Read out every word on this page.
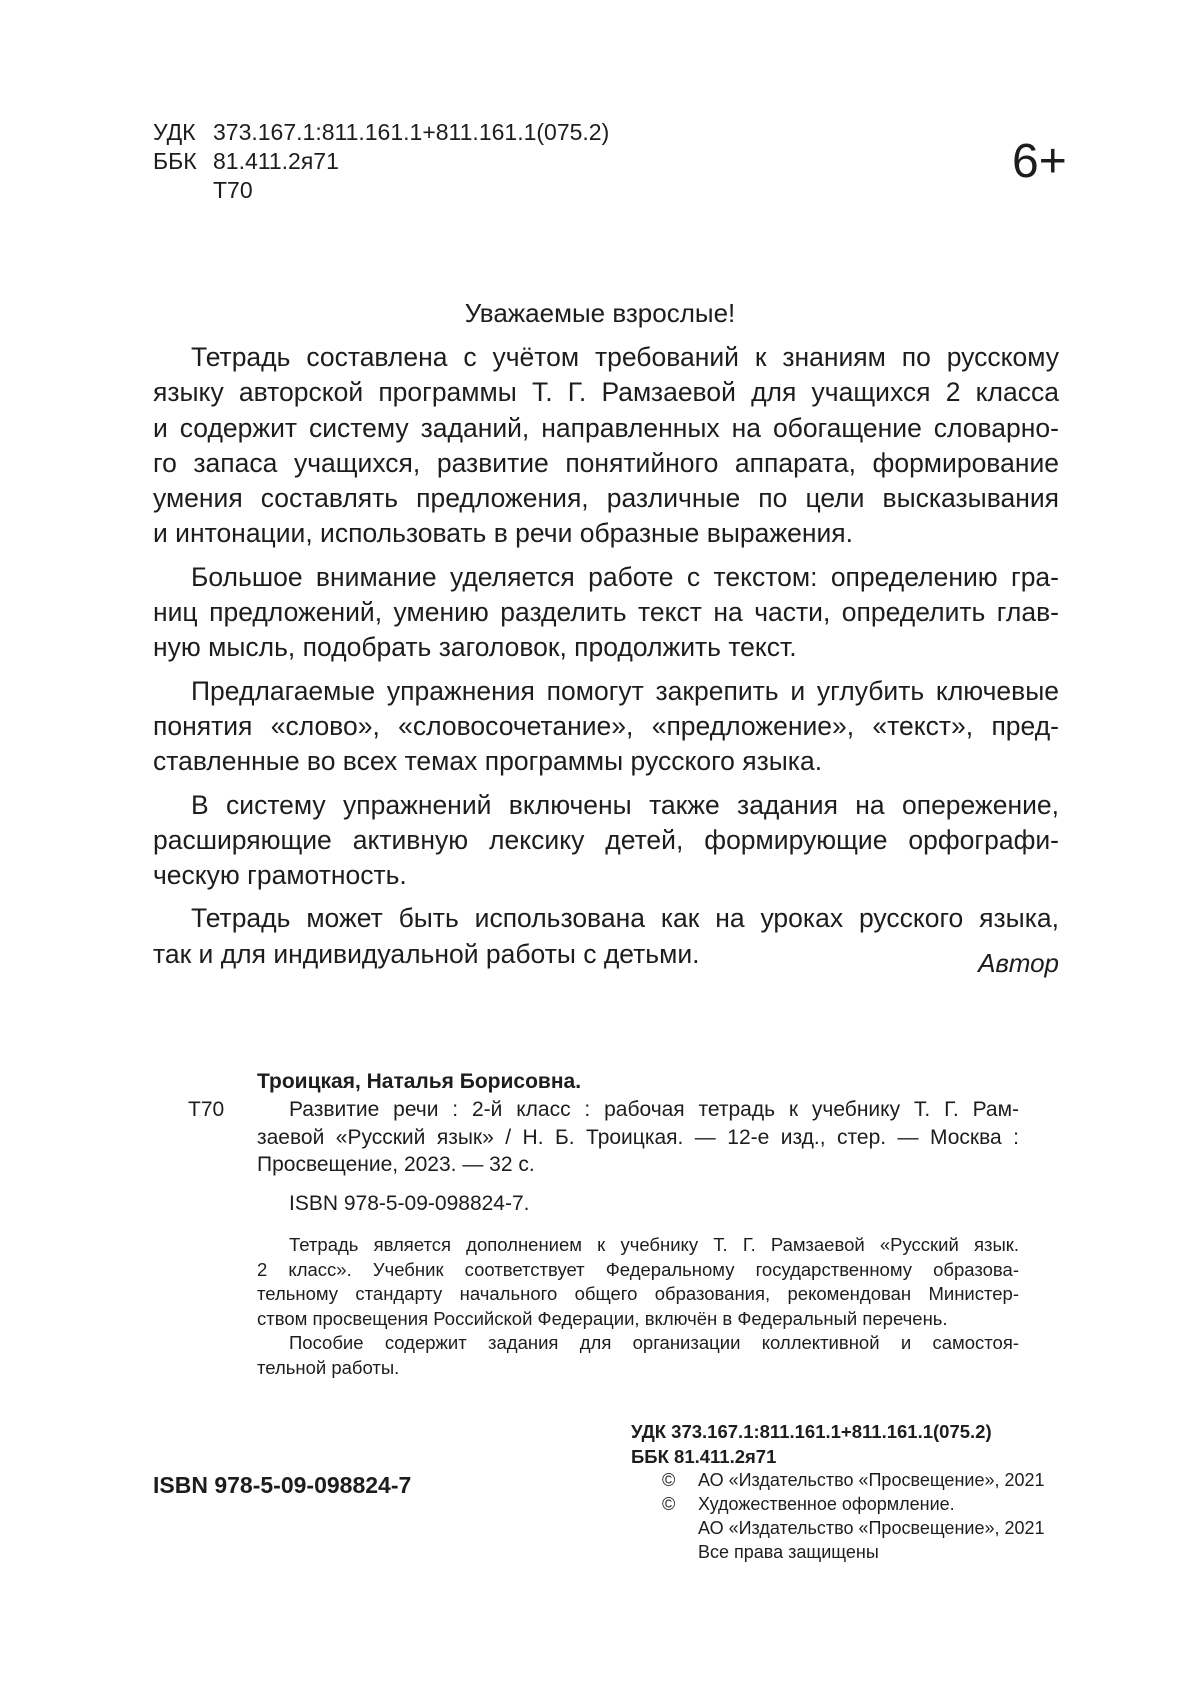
УДК 373.167.1:811.161.1+811.161.1(075.2)
ББК 81.411.2я71
Т70
6+
Уважаемые взрослые!
Тетрадь составлена с учётом требований к знаниям по русскому
языку авторской программы Т. Г. Рамзаевой для учащихся 2 класса
и содержит систему заданий, направленных на обогащение словарно-
го запаса учащихся, развитие понятийного аппарата, формирование
умения составлять предложения, различные по цели высказывания
и интонации, использовать в речи образные выражения.
Большое внимание уделяется работе с текстом: определению гра-
ниц предложений, умению разделить текст на части, определить глав-
ную мысль, подобрать заголовок, продолжить текст.
Предлагаемые упражнения помогут закрепить и углубить ключевые
понятия «слово», «словосочетание», «предложение», «текст», пред-
ставленные во всех темах программы русского языка.
В систему упражнений включены также задания на опережение,
расширяющие активную лексику детей, формирующие орфографи-
ческую грамотность.
Тетрадь может быть использована как на уроках русского языка,
так и для индивидуальной работы с детьми.	Автор
Троицкая, Наталья Борисовна.
Т70	Развитие речи : 2-й класс : рабочая тетрадь к учебнику Т. Г. Рам-
заевой «Русский язык» / Н. Б. Троицкая. — 12-е изд., стер. — Москва :
Просвещение, 2023. — 32 с.
ISBN 978-5-09-098824-7.
Тетрадь является дополнением к учебнику Т. Г. Рамзаевой «Русский язык.
2 класс». Учебник соответствует Федеральному государственному образова-
тельному стандарту начального общего образования, рекомендован Министер-
ством просвещения Российской Федерации, включён в Федеральный перечень.
Пособие содержит задания для организации коллективной и самостоя-
тельной работы.
УДК 373.167.1:811.161.1+811.161.1(075.2)
ББК 81.411.2я71
ISBN 978-5-09-098824-7	©	АО «Издательство «Просвещение», 2021
©	Художественное оформление.
АО «Издательство «Просвещение», 2021
Все права защищены
